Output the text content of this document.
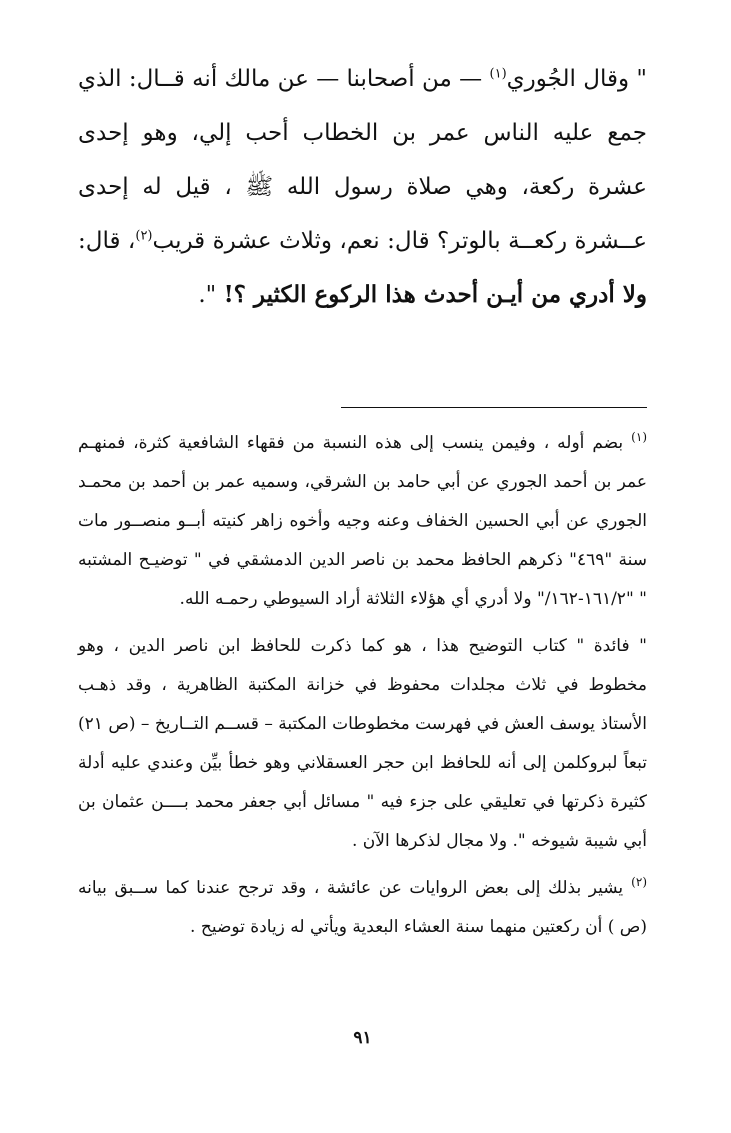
" وقال الجُوري$^{(١)}$ — من أصحابنا — عن مالك أنه قــال: الذي جمع عليه الناس عمر بن الخطاب أحب إلي، وهو إحدى عشرة ركعة، وهي صلاة رسول الله ﷺ ، قيل له إحدى عــشرة ركعــة بالوتر؟ قال: نعم، وثلاث عشرة قريب$^{(٢)}$، قال: ولا أدري من أيـن أحدث هذا الركوع الكثير ؟! ".

$^{(١)}$بضم أوله ، وفيمن ينسب إلى هذه النسبة من فقهاء الشافعية كثرة، فمنهـم عمر بن أحمد الجوري عن أبي حامد بن الشرقي، وسميه عمر بن أحمد بن محمـد الجوري عن أبي الحسين الخفاف وعنه وجيه وأخوه زاهر كنيته أبــو منصــور مات سنة "٤٦٩" ذكرهم الحافظ محمد بن ناصر الدين الدمشقي في " توضيـح المشتبه " "١٦١/٢-١٦٢/" ولا أدري أي هؤلاء الثلاثة أراد السيوطي رحمـه الله.

" فائدة " كتاب التوضيح هذا ، هو كما ذكرت للحافظ ابن ناصر الدين ، وهو مخطوط في ثلاث مجلدات محفوظ في خزانة المكتبة الظاهرية ، وقد ذهـب الأستاذ يوسف العش في فهرست مخطوطات المكتبة – قســم التــاريخ – (ص ٢١) تبعاً لبروكلمن إلى أنه للحافظ ابن حجر العسقلاني وهو خطأ بيِّن وعندي عليه أدلة كثيرة ذكرتها في تعليقي على جزء فيه " مسائل أبي جعفر محمد بــــن عثمان بن أبي شيبة شيوخه ". ولا مجال لذكرها الآن .

$^{(٢)}$يشير بذلك إلى بعض الروايات عن عائشة ، وقد ترجح عندنا كما ســبق بيانه (ص ) أن ركعتين منهما سنة العشاء البعدية ويأتي له زيادة توضيح .

٩١
